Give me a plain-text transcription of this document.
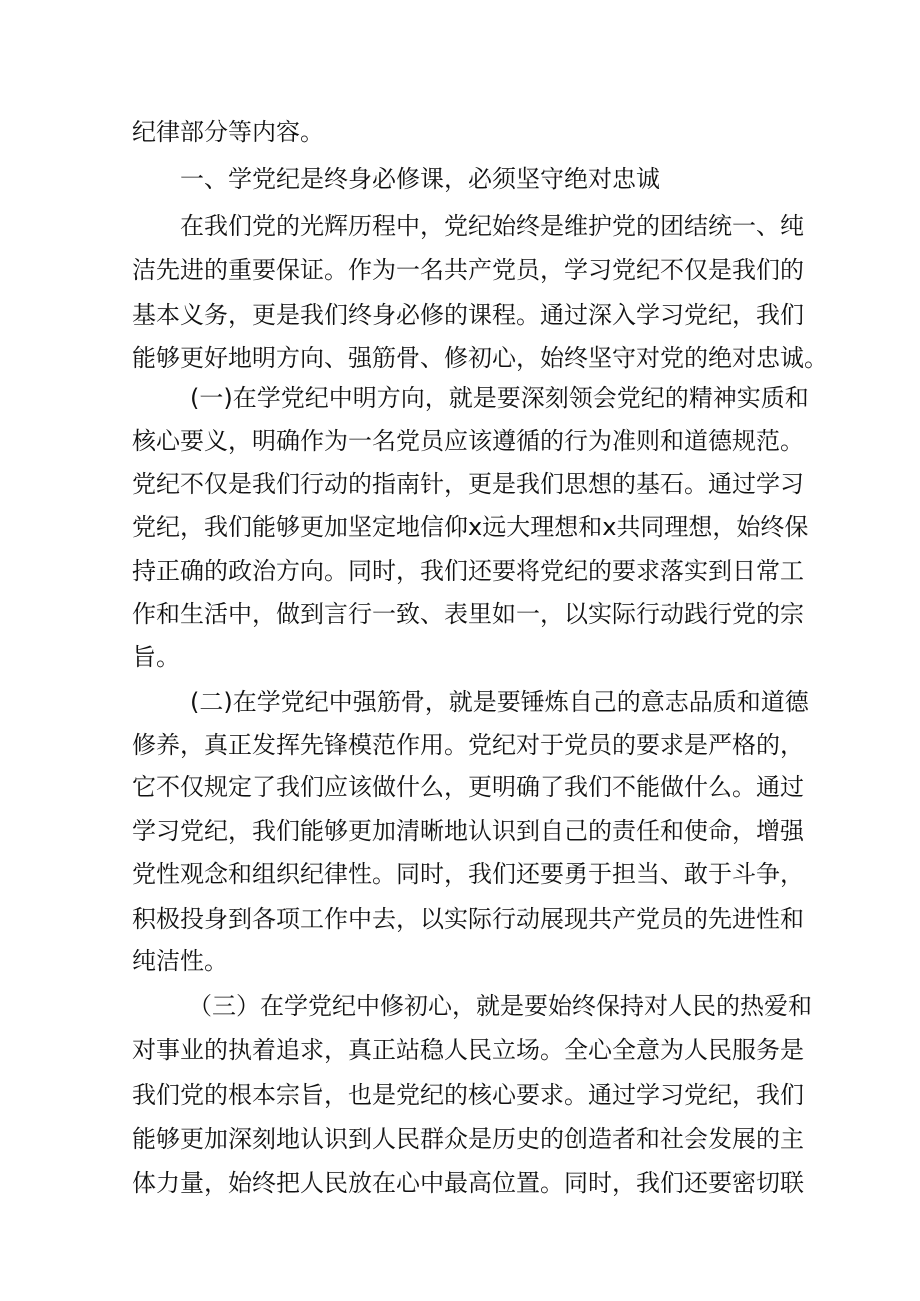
纪律部分等内容。

一、学党纪是终身必修课，必须坚守绝对忠诚

在我们党的光辉历程中，党纪始终是维护党的团结统一、纯

洁先进的重要保证。作为一名共产党员，学习党纪不仅是我们的

基本义务，更是我们终身必修的课程。通过深入学习党纪，我们

能够更好地明方向、强筋骨、修初心，始终坚守对党的绝对忠诚。

(一)在学党纪中明方向，就是要深刻领会党纪的精神实质和

核心要义，明确作为一名党员应该遵循的行为准则和道德规范。

党纪不仅是我们行动的指南针，更是我们思想的基石。通过学习

党纪，我们能够更加坚定地信仰x远大理想和x共同理想，始终保

持正确的政治方向。同时，我们还要将党纪的要求落实到日常工

作和生活中，做到言行一致、表里如一，以实际行动践行党的宗

旨。

(二)在学党纪中强筋骨，就是要锤炼自己的意志品质和道德

修养，真正发挥先锋模范作用。党纪对于党员的要求是严格的，

它不仅规定了我们应该做什么，更明确了我们不能做什么。通过

学习党纪，我们能够更加清晰地认识到自己的责任和使命，增强

党性观念和组织纪律性。同时，我们还要勇于担当、敢于斗争，

积极投身到各项工作中去，以实际行动展现共产党员的先进性和

纯洁性。

（三）在学党纪中修初心，就是要始终保持对人民的热爱和

对事业的执着追求，真正站稳人民立场。全心全意为人民服务是

我们党的根本宗旨，也是党纪的核心要求。通过学习党纪，我们

能够更加深刻地认识到人民群众是历史的创造者和社会发展的主

体力量，始终把人民放在心中最高位置。同时，我们还要密切联
